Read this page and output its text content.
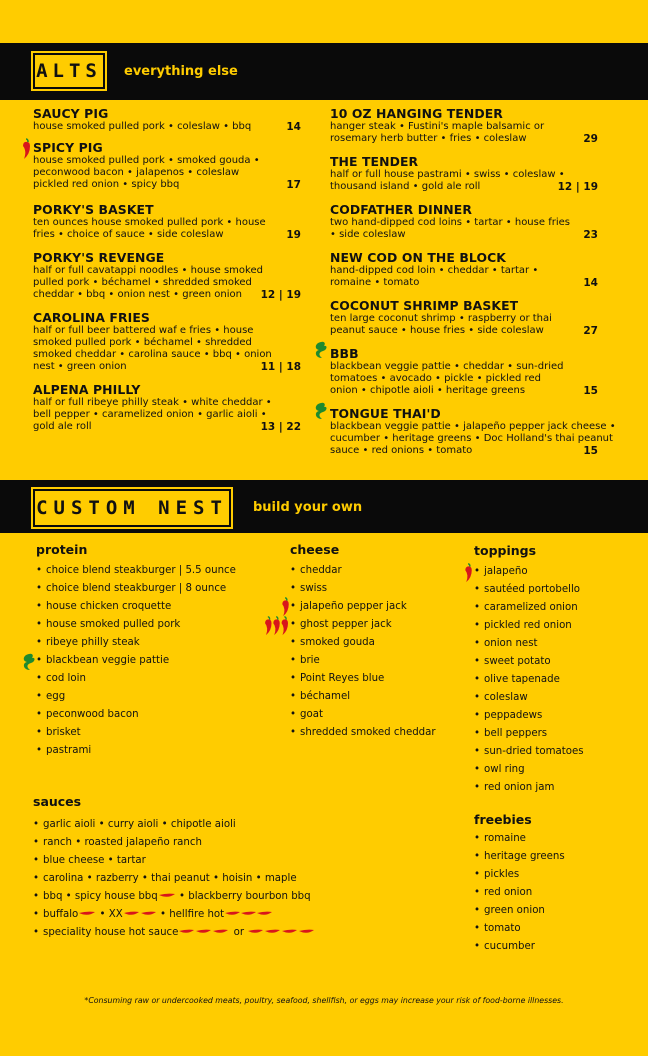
ALTS everything else
SAUCY PIG
house smoked pulled pork • coleslaw • bbq	14
SPICY PIG
house smoked pulled pork • smoked gouda • peconwood bacon • jalapenos • coleslaw pickled red onion • spicy bbq	17
PORKY'S BASKET
ten ounces house smoked pulled pork • house fries • choice of sauce • side coleslaw	19
PORKY'S REVENGE
half or full cavatappi noodles • house smoked pulled pork • béchamel • shredded smoked cheddar • bbq • onion nest • green onion	12 | 19
CAROLINA FRIES
half or full beer battered waf e fries • house smoked pulled pork • béchamel • shredded smoked cheddar • carolina sauce • bbq • onion nest • green onion	11 | 18
ALPENA PHILLY
half or full ribeye philly steak • white cheddar • bell pepper • caramelized onion • garlic aioli • gold ale roll	13 | 22
10 OZ HANGING TENDER
hanger steak • Fustini's maple balsamic or rosemary herb butter • fries • coleslaw	29
THE TENDER
half or full house pastrami • swiss • coleslaw • thousand island • gold ale roll	12 | 19
CODFATHER DINNER
two hand-dipped cod loins • tartar • house fries • side coleslaw	23
NEW COD ON THE BLOCK
hand-dipped cod loin • cheddar • tartar • romaine • tomato	14
COCONUT SHRIMP BASKET
ten large coconut shrimp • raspberry or thai peanut sauce • house fries • side coleslaw	27
BBB
blackbean veggie pattie • cheddar • sun-dried tomatoes • avocado • pickle • pickled red onion • chipotle aioli • heritage greens	15
TONGUE THAI'D
blackbean veggie pattie • jalapeño pepper jack cheese • cucumber • heritage greens • Doc Holland's thai peanut sauce • red onions • tomato	15
CUSTOM NEST build your own
protein
• choice blend steakburger | 5.5 ounce
• choice blend steakburger | 8 ounce
• house chicken croquette
• house smoked pulled pork
• ribeye philly steak
• blackbean veggie pattie
• cod loin
• egg
• peconwood bacon
• brisket
• pastrami
cheese
• cheddar
• swiss
• jalapeño pepper jack
• ghost pepper jack
• smoked gouda
• brie
• Point Reyes blue
• béchamel
• goat
• shredded smoked cheddar
toppings
• jalapeño
• sautéed portobello
• caramelized onion
• pickled red onion
• onion nest
• sweet potato
• olive tapenade
• coleslaw
• peppadews
• bell peppers
• sun-dried tomatoes
• owl ring
• red onion jam
sauces
• garlic aioli • curry aioli • chipotle aioli
• ranch • roasted jalapeño ranch
• blue cheese • tartar
• carolina • razberry • thai peanut • hoisin • maple
• bbq • spicy house bbq • blackberry bourbon bbq
• buffalo • XX	• hellfire hot
• speciality house hot sauce	or
freebies
• romaine
• heritage greens
• pickles
• red onion
• green onion
• tomato
• cucumber
*Consuming raw or undercooked meats, poultry, seafood, shellfish, or eggs may increase your risk of food-borne illnesses.
